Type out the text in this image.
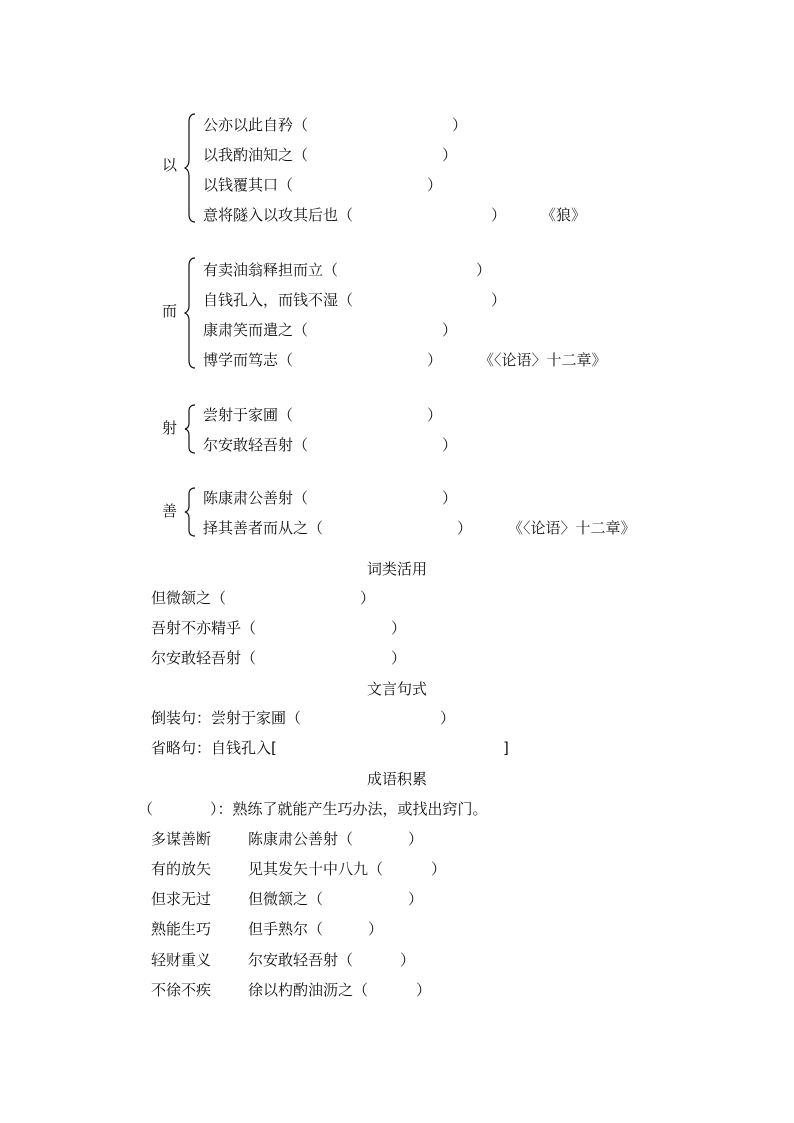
以
公亦以此自矜（	）
以我酌油知之（	）
以钱覆其口（	）
意将隧入以攻其后也（	） 《狼》
而
有卖油翁释担而立（	）
自钱孔入，而钱不湿（	）
康肃笑而遣之（	）
博学而笃志（	） 《〈论语〉十二章》
射
尝射于家圃（	）
尔安敢轻吾射（	）
善
陈康肃公善射（	）
择其善者而从之（	） 《〈论语〉十二章》
词类活用
但微颔之（	）
吾射不亦精乎（	）
尔安敢轻吾射（	）
文言句式
倒装句：尝射于家圃（	）
省略句：自钱孔入[	]
成语积累
（	）：熟练了就能产生巧办法，或找出窍门。
多谋善断 陈康肃公善射（	）
有的放矢 见其发矢十中八九（	）
但求无过 但微颔之（	）
熟能生巧 但手熟尔（	）
轻财重义 尔安敢轻吾射（	）
不徐不疾 徐以杓酌油沥之（	）
